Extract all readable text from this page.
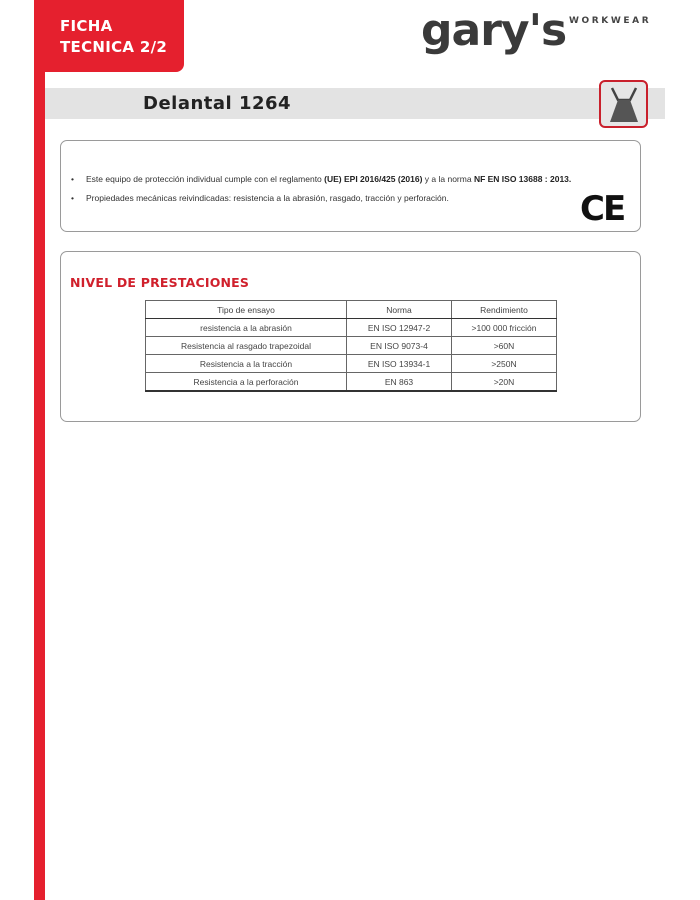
FICHA
TECNICA 2/2	gary's WORKWEAR
Delantal 1264
• Este equipo de protección individual cumple con el reglamento (UE) EPI 2016/425 (2016) y a la norma NF EN ISO 13688 : 2013.
• Propiedades mecánicas reivindicadas: resistencia a la abrasión, rasgado, tracción y perforación.	CE
NIVEL DE PRESTACIONES
Tipo de ensayo	Norma	Rendimiento
resistencia a la abrasión	EN ISO 12947-2	>100 000 fricción
Resistencia al rasgado trapezoidal	EN ISO 9073-4	>60N
Resistencia a la tracción	EN ISO 13934-1	>250N
Resistencia a la perforación	EN 863	>20N
